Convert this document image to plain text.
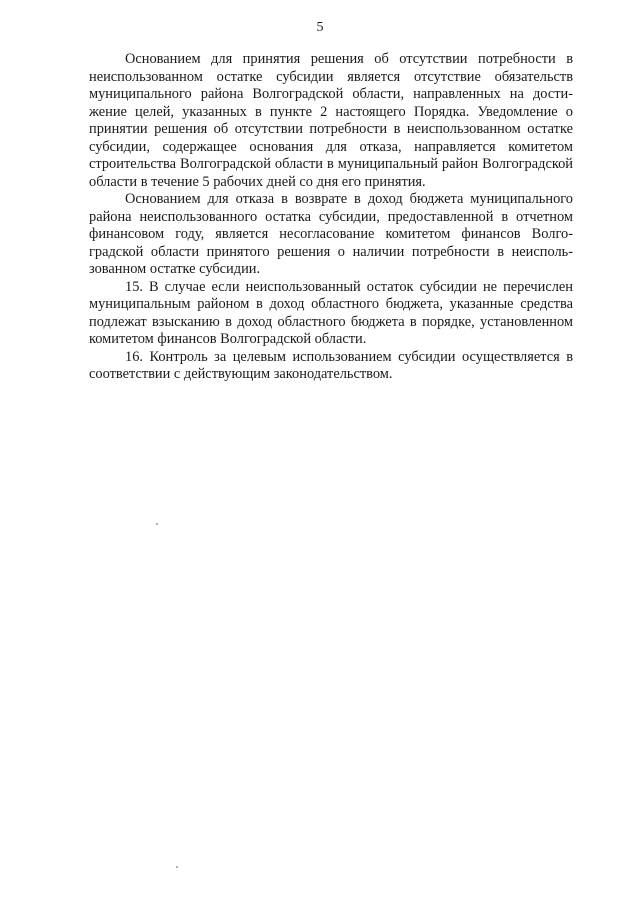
5

Основанием для принятия решения об отсутствии потребности в неиспользованном остатке субсидии является отсутствие обязательств муниципального района Волгоградской области, направленных на достижение целей, указанных в пункте 2 настоящего Порядка. Уведомление о принятии решения об отсутствии потребности в неиспользованном остатке субсидии, содержащее основания для отказа, направляется комитетом строительства Волгоградской области в муниципальный район Волгоградской области в течение 5 рабочих дней со дня его принятия.

Основанием для отказа в возврате в доход бюджета муниципального района неиспользованного остатка субсидии, предоставленной в отчетном финансовом году, является несогласование комитетом финансов Волгоградской области принятого решения о наличии потребности в неиспользованном остатке субсидии.

15. В случае если неиспользованный остаток субсидии не перечислен муниципальным районом в доход областного бюджета, указанные средства подлежат взысканию в доход областного бюджета в порядке, установленном комитетом финансов Волгоградской области.

16. Контроль за целевым использованием субсидии осуществляется в соответствии с действующим законодательством.
